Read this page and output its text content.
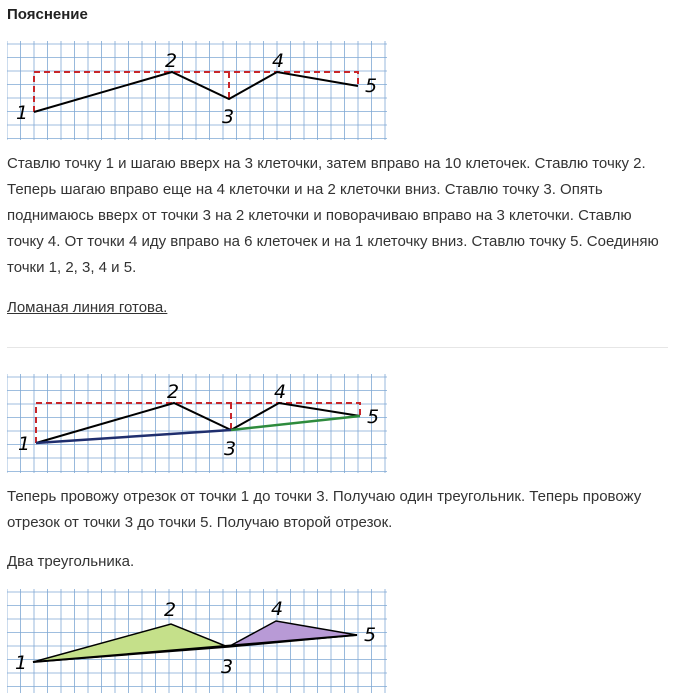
Пояснение
1
2
3
4
5

Ставлю точку 1 и шагаю вверх на 3 клеточки, затем вправо на 10 клеточек. Ставлю точку 2. Теперь шагаю вправо еще на 4 клеточки и на 2 клеточки вниз. Ставлю точку 3. Опять поднимаюсь вверх от точки 3 на 2 клеточки и поворачиваю вправо на 3 клеточки. Ставлю точку 4. От точки 4 иду вправо на 6 клеточек и на 1 клеточку вниз. Ставлю точку 5. Соединяю точки 1, 2, 3, 4 и 5.

Ломаная линия готова.

1
2
3
4
5

Теперь провожу отрезок от точки 1 до точки 3. Получаю один треугольник. Теперь провожу отрезок от точки 3 до точки 5. Получаю второй отрезок.

Два треугольника.

1
2
3
4
5
